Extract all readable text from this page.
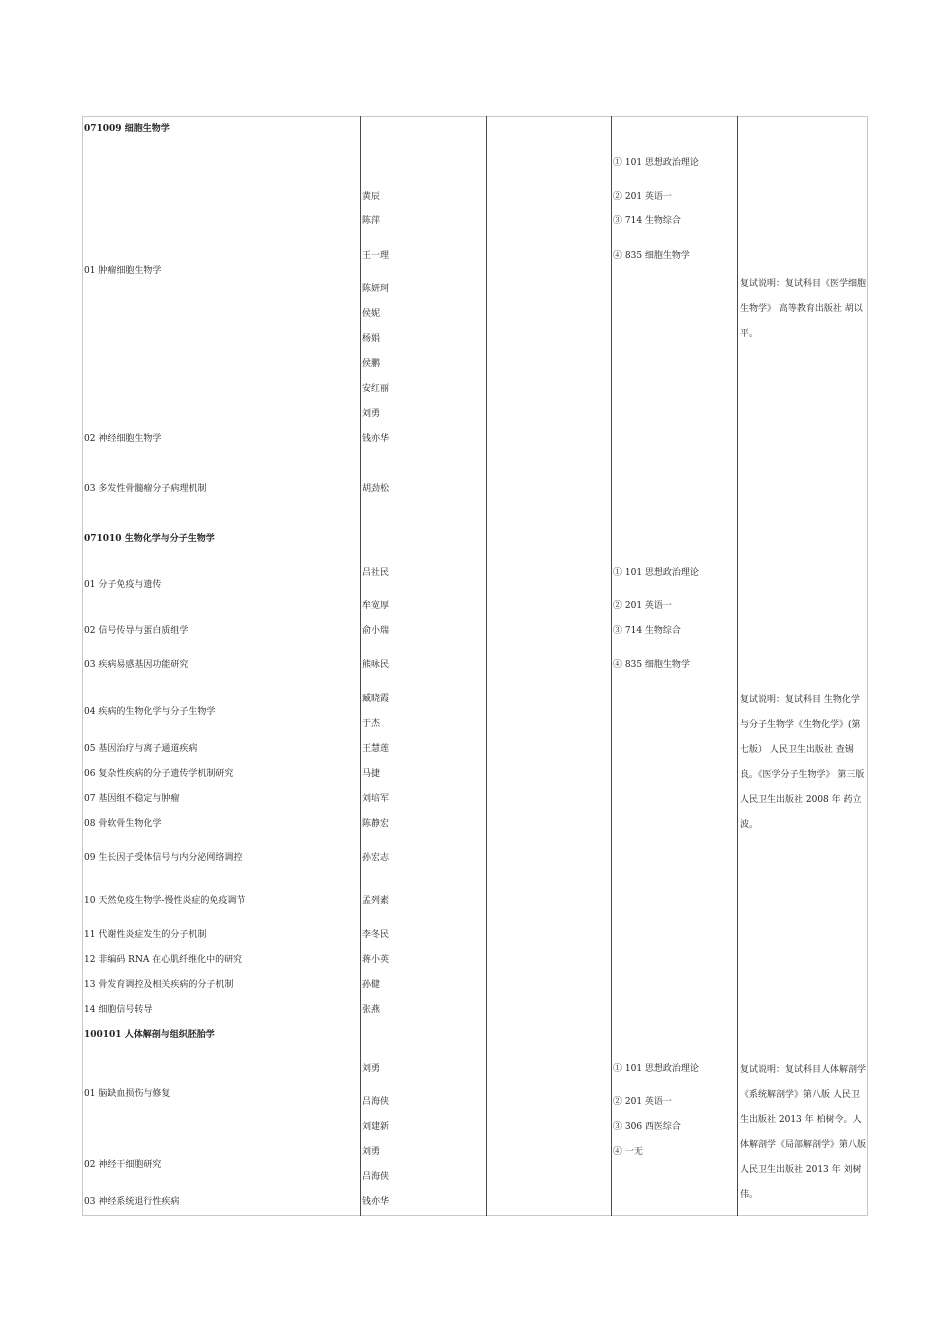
071009 细胞生物学
01 肿瘤细胞生物学
02 神经细胞生物学
03 多发性骨髓瘤分子病理机制
黄辰
陈萍
王一理
陈妍珂
侯妮
杨娟
侯鹏
安红丽
刘勇
钱亦华
胡劲松
① 101 思想政治理论
② 201 英语一
③ 714 生物综合
④ 835 细胞生物学
复试说明：复试科目《医学细胞生物学》 高等教育出版社 胡以平。
071010 生物化学与分子生物学
01 分子免疫与遗传
02 信号传导与蛋白质组学
03 疾病易感基因功能研究
04 疾病的生物化学与分子生物学
05 基因治疗与离子通道疾病
06 复杂性疾病的分子遗传学机制研究
07 基因组不稳定与肿瘤
08 骨软骨生物化学
09 生长因子受体信号与内分泌网络调控
10 天然免疫生物学-慢性炎症的免疫调节
11 代谢性炎症发生的分子机制
12 非编码 RNA 在心肌纤维化中的研究
13 骨发育调控及相关疾病的分子机制
14 细胞信号转导
吕社民
牟宽厚
俞小瑞
熊咏民
臧晓霞
于杰
王慧莲
马捷
刘培军
陈静宏
孙宏志
孟列素
李冬民
蒋小英
孙健
张燕
① 101 思想政治理论
② 201 英语一
③ 714 生物综合
④ 835 细胞生物学
复试说明：复试科目 生物化学与分子生物学《生物化学》(第七版） 人民卫生出版社 查锡良。《医学分子生物学》 第三版 人民卫生出版社 2008 年 药立波。
100101 人体解剖与组织胚胎学
01 脑缺血损伤与修复
02 神经干细胞研究
03 神经系统退行性疾病
刘勇
吕海侠
刘建新
刘勇
吕海侠
钱亦华
① 101 思想政治理论
② 201 英语一
③ 306 西医综合
④ 一无
复试说明：复试科目人体解剖学 《系统解剖学》第八版 人民卫生出版社 2013 年 柏树令。人体解剖学《局部解剖学》第八版 人民卫生出版社 2013 年 刘树伟。
